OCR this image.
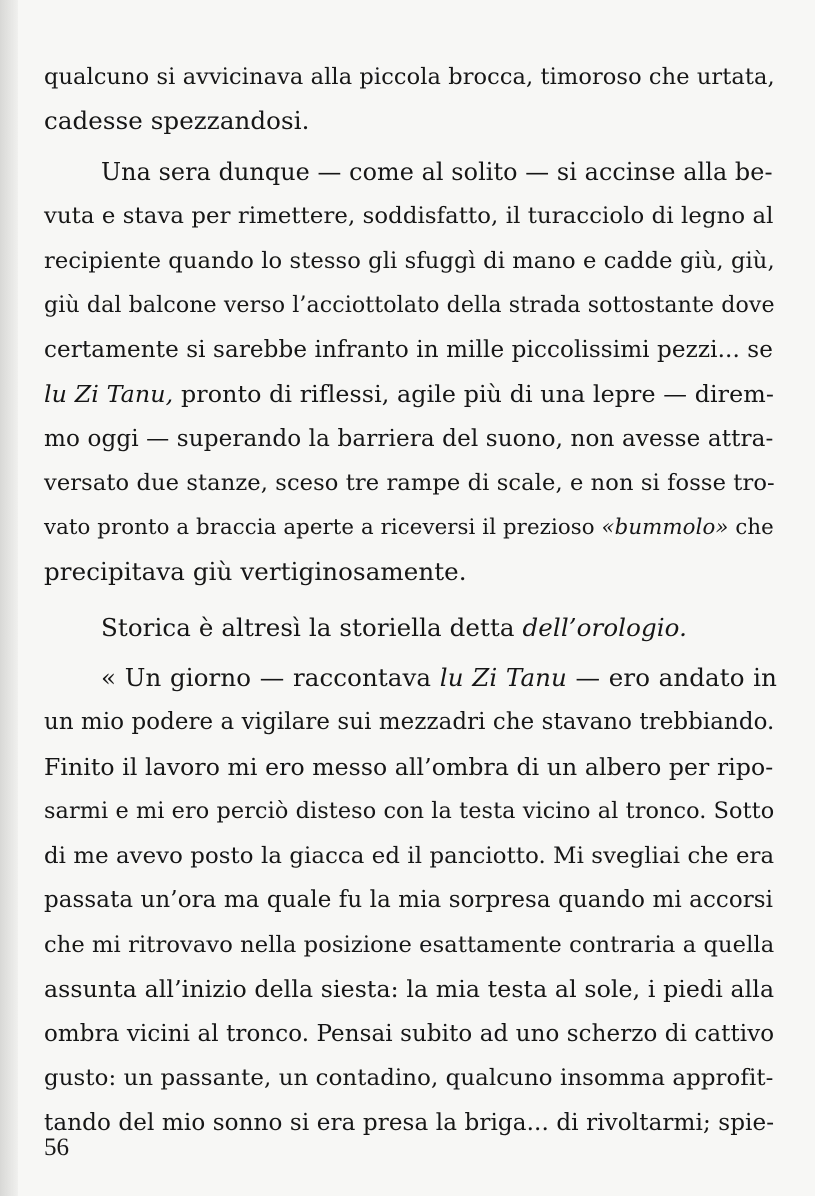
qualcuno si avvicinava alla piccola brocca, timoroso che urtata,
cadesse spezzandosi.
Una sera dunque — come al solito — si accinse alla be-
vuta e stava per rimettere, soddisfatto, il turacciolo di legno al
recipiente quando lo stesso gli sfuggì di mano e cadde giù, giù,
giù dal balcone verso l’acciottolato della strada sottostante dove
certamente si sarebbe infranto in mille piccolissimi pezzi... se
lu Zi Tanu, pronto di riflessi, agile più di una lepre — direm-
mo oggi — superando la barriera del suono, non avesse attra-
versato due stanze, sceso tre rampe di scale, e non si fosse tro-
vato pronto a braccia aperte a riceversi il prezioso «bummolo» che
precipitava giù vertiginosamente.
Storica è altresì la storiella detta dell’orologio.
« Un giorno — raccontava lu Zi Tanu — ero andato in
un mio podere a vigilare sui mezzadri che stavano trebbiando.
Finito il lavoro mi ero messo all’ombra di un albero per ripo-
sarmi e mi ero perciò disteso con la testa vicino al tronco. Sotto
di me avevo posto la giacca ed il panciotto. Mi svegliai che era
passata un’ora ma quale fu la mia sorpresa quando mi accorsi
che mi ritrovavo nella posizione esattamente contraria a quella
assunta all’inizio della siesta: la mia testa al sole, i piedi alla
ombra vicini al tronco. Pensai subito ad uno scherzo di cattivo
gusto: un passante, un contadino, qualcuno insomma approfit-
tando del mio sonno si era presa la briga... di rivoltarmi; spie-
56
